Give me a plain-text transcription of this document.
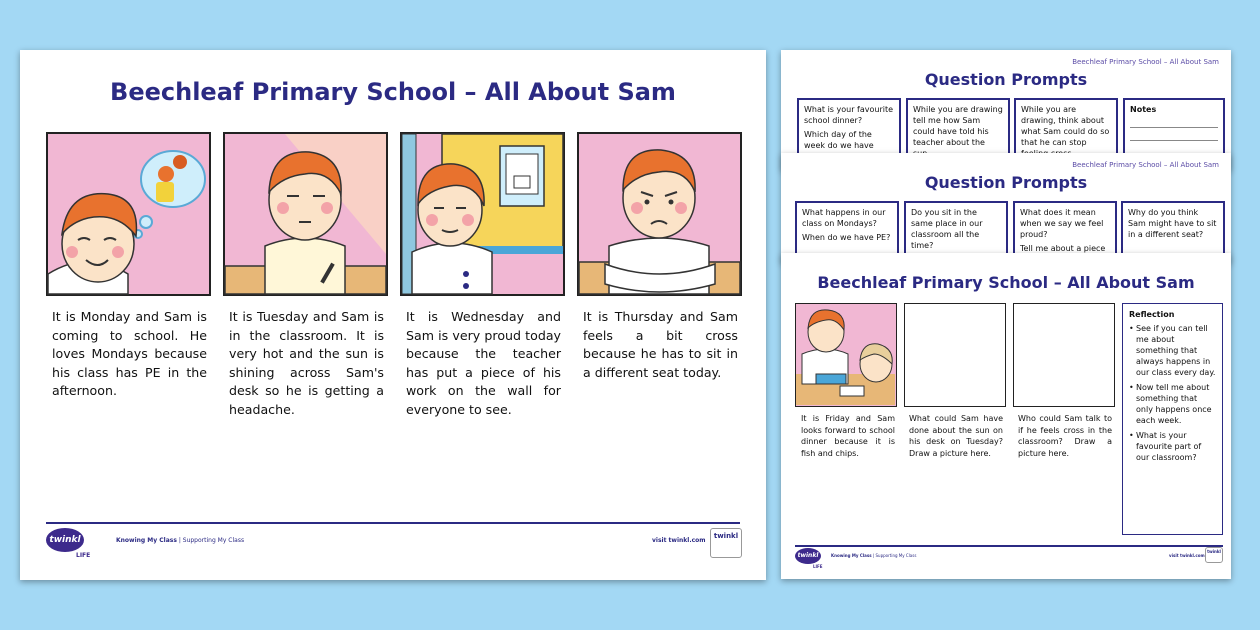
Beechleaf Primary School – All About Sam
It is Monday and Sam is coming to school. He loves Mondays because his class has PE in the afternoon.
It is Tuesday and Sam is in the classroom. It is very hot and the sun is shining across Sam's desk so he is getting a headache.
It is Wednesday and Sam is very proud today because the teacher has put a piece of his work on the wall for everyone to see.
It is Thursday and Sam feels a bit cross because he has to sit in a different seat today.
twinkl
LIFE
Knowing My Class | Supporting My Class	visit twinkl.com
twinkl
Beechleaf Primary School – All About Sam
Question Prompts

What is your favourite school dinner?

Which day of the week do we have

While you are drawing tell me how Sam could have told his teacher about the

While you are drawing, think about what Sam could do so that he can stop

Notes

Beechleaf Primary School – All About Sam
Question Prompts

What happens in our class on Mondays?

When do we have PE?

Do you sit in the same place in our classroom all the time?

What does it mean when we say we feel proud?

Tell me about a piece

Why do you think Sam might have to sit in a different seat?

Beechleaf Primary School – All About Sam
It is Friday and Sam looks forward to school dinner because it is fish and chips.
What could Sam have done about the sun on his desk on Tuesday? Draw a picture here.
Who could Sam talk to if he feels cross in the classroom? Draw a picture here.
Reflection
• See if you can tell me about something that always happens in our class every day.
• Now tell me about something that only happens once each week.
• What is your favourite part of our classroom?
twinkl
LIFE
Knowing My Class | Supporting My Class	visit twinkl.com
twinkl
